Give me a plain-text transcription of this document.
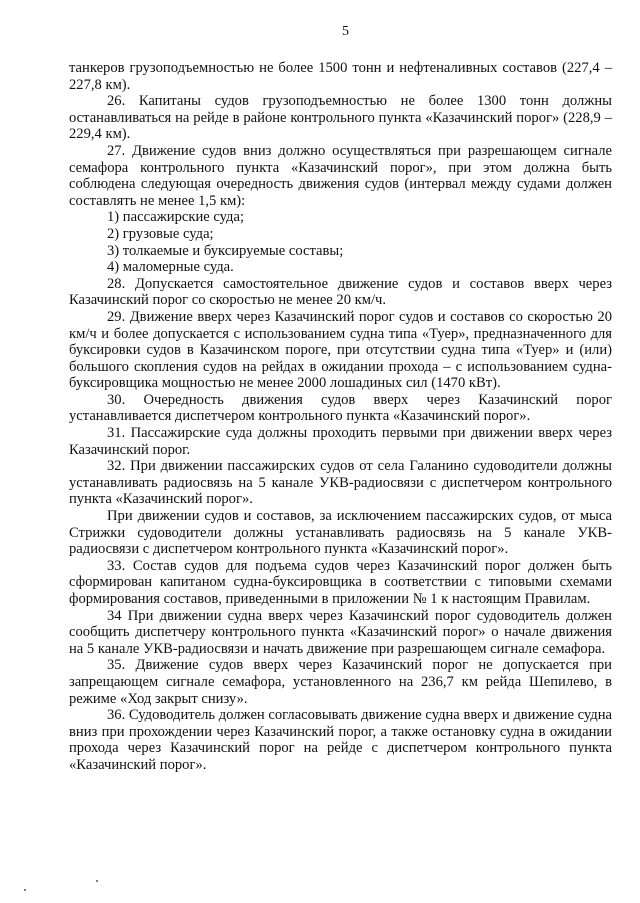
5

танкеров грузоподъемностью не более 1500 тонн и нефтеналивных составов (227,4 – 227,8 км).

26. Капитаны судов грузоподъемностью не более 1300 тонн должны останавливаться на рейде в районе контрольного пункта «Казачинский порог» (228,9 – 229,4 км).

27. Движение судов вниз должно осуществляться при разрешающем сигнале семафора контрольного пункта «Казачинский порог», при этом должна быть соблюдена следующая очередность движения судов (интервал между судами должен составлять не менее 1,5 км):

1) пассажирские суда;

2) грузовые суда;

3) толкаемые и буксируемые составы;

4) маломерные суда.

28. Допускается самостоятельное движение судов и составов вверх через Казачинский порог со скоростью не менее 20 км/ч.

29. Движение вверх через Казачинский порог судов и составов со скоростью 20 км/ч и более допускается с использованием судна типа «Туер», предназначенного для буксировки судов в Казачинском пороге, при отсутствии судна типа «Туер» и (или) большого скопления судов на рейдах в ожидании прохода – с использованием судна-буксировщика мощностью не менее 2000 лошадиных сил (1470 кВт).

30. Очередность движения судов вверх через Казачинский порог устанавливается диспетчером контрольного пункта «Казачинский порог».

31. Пассажирские суда должны проходить первыми при движении вверх через Казачинский порог.

32. При движении пассажирских судов от села Галанино судоводители должны устанавливать радиосвязь на 5 канале УКВ-радиосвязи с диспетчером контрольного пункта «Казачинский порог».

При движении судов и составов, за исключением пассажирских судов, от мыса Стрижки судоводители должны устанавливать радиосвязь на 5 канале УКВ-радиосвязи с диспетчером контрольного пункта «Казачинский порог».

33. Состав судов для подъема судов через Казачинский порог должен быть сформирован капитаном судна-буксировщика в соответствии с типовыми схемами формирования составов, приведенными в приложении № 1 к настоящим Правилам.

34 При движении судна вверх через Казачинский порог судоводитель должен сообщить диспетчеру контрольного пункта «Казачинский порог» о начале движения на 5 канале УКВ-радиосвязи и начать движение при разрешающем сигнале семафора.

35. Движение судов вверх через Казачинский порог не допускается при запрещающем сигнале семафора, установленного на 236,7 км рейда Шепилево, в режиме «Ход закрыт снизу».

36. Судоводитель должен согласовывать движение судна вверх и движение судна вниз при прохождении через Казачинский порог, а также остановку судна в ожидании прохода через Казачинский порог на рейде с диспетчером контрольного пункта «Казачинский порог».
